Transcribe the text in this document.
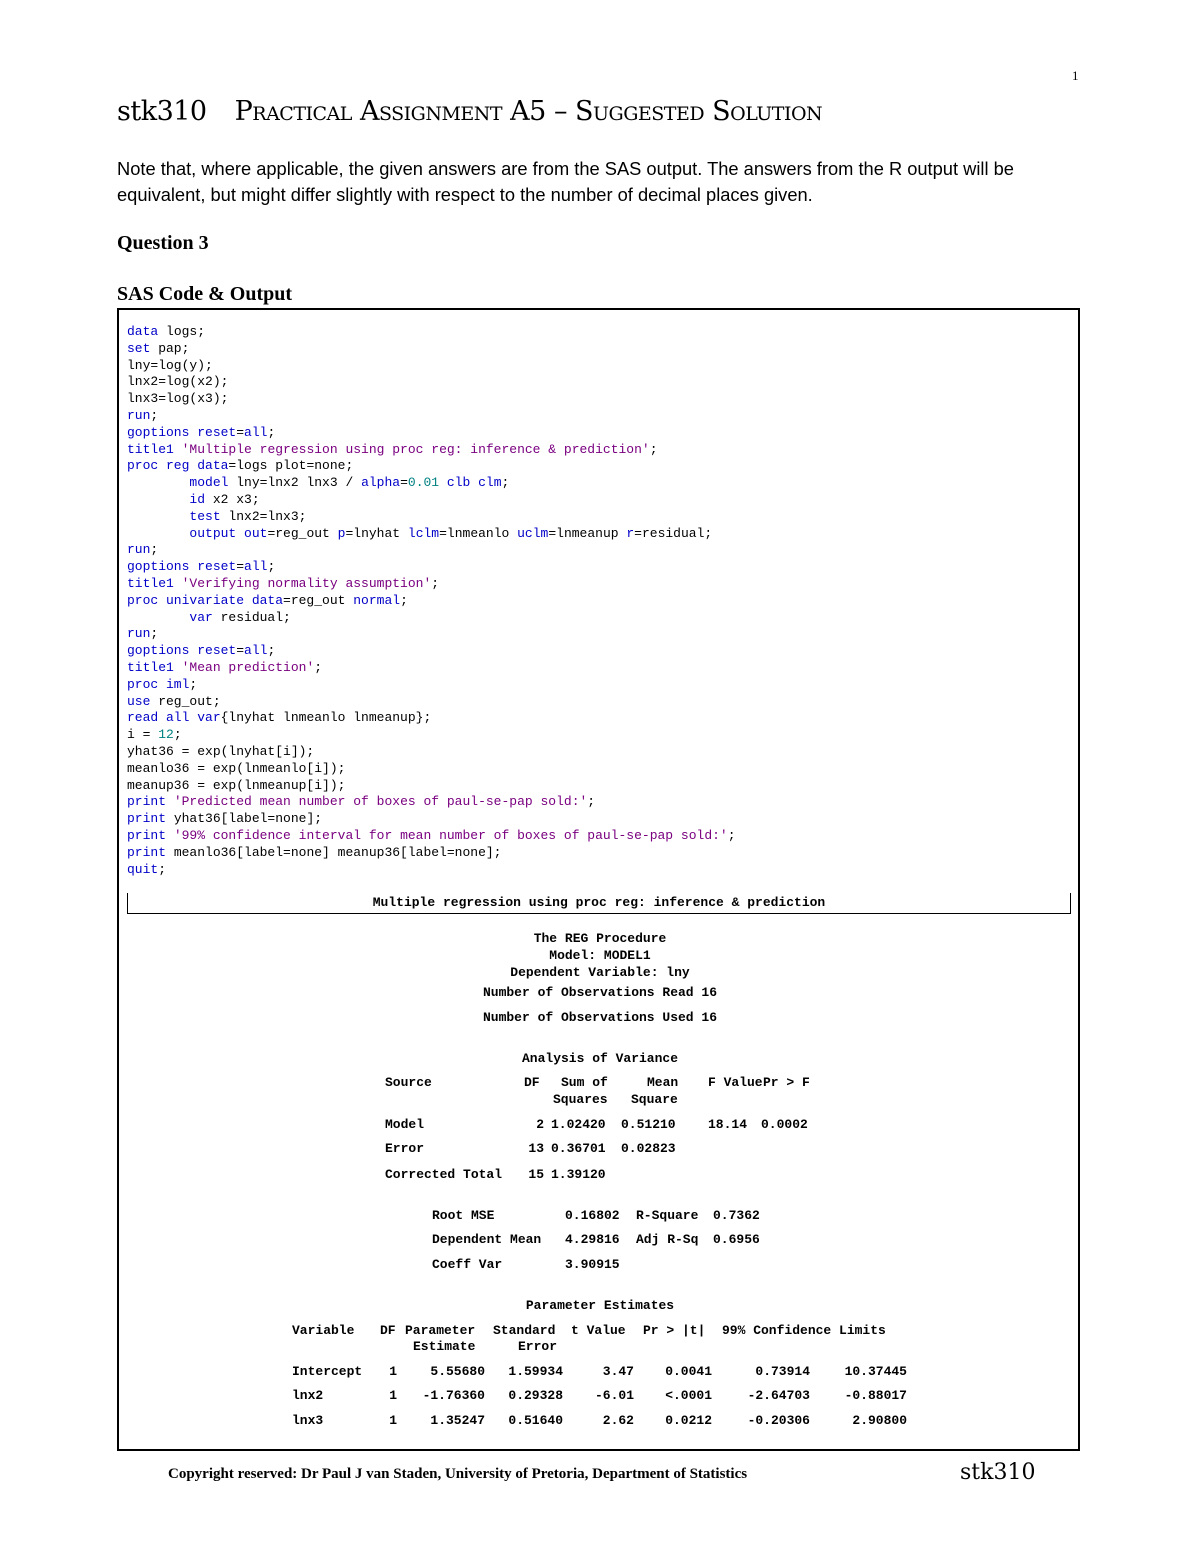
1
stk310 Practical Assignment A5 – Suggested Solution
Note that, where applicable, the given answers are from the SAS output. The answers from the R output will be equivalent, but might differ slightly with respect to the number of decimal places given.
Question 3
SAS Code & Output
data logs;
set pap;
lny=log(y);
lnx2=log(x2);
lnx3=log(x3);
run;
goptions reset=all;
title1 'Multiple regression using proc reg: inference & prediction';
proc reg data=logs plot=none;
model lny=lnx2 lnx3 / alpha=0.01 clb clm;
id x2 x3;
test lnx2=lnx3;
output out=reg_out p=lnyhat lclm=lnmeanlo uclm=lnmeanup r=residual;
run;
goptions reset=all;
title1 'Verifying normality assumption';
proc univariate data=reg_out normal;
var residual;
run;
goptions reset=all;
title1 'Mean prediction';
proc iml;
use reg_out;
read all var{lnyhat lnmeanlo lnmeanup};
i = 12;
yhat36 = exp(lnyhat[i]);
meanlo36 = exp(lnmeanlo[i]);
meanup36 = exp(lnmeanup[i]);
print 'Predicted mean number of boxes of paul-se-pap sold:';
print yhat36[label=none];
print '99% confidence interval for mean number of boxes of paul-se-pap sold:';
print meanlo36[label=none] meanup36[label=none];
quit;
Multiple regression using proc reg: inference & prediction
The REG Procedure
Model: MODEL1
Dependent Variable: lny
Number of Observations Read 16
Number of Observations Used 16
Analysis of Variance
Source	DF Sum of	Mean F Value Pr > F
Squares Square
Model	2 1.02420 0.51210 18.14 0.0002
Error	13 0.36701 0.02823
Corrected Total	15 1.39120
Root MSE	0.16802 R-Square 0.7362
Dependent Mean 4.29816 Adj R-Sq 0.6956
Coeff Var	3.90915
Parameter Estimates
Variable DF Parameter Standard t Value Pr > |t| 99% Confidence Limits
Estimate	Error
Intercept	1	5.55680	1.59934	3.47	0.0041	0.73914	10.37445
lnx2	1	-1.76360	0.29328	-6.01	<.0001	-2.64703	-0.88017
lnx3	1	1.35247	0.51640	2.62	0.0212	-0.20306	2.90800
Copyright reserved: Dr Paul J van Staden, University of Pretoria, Department of Statistics	stk310
